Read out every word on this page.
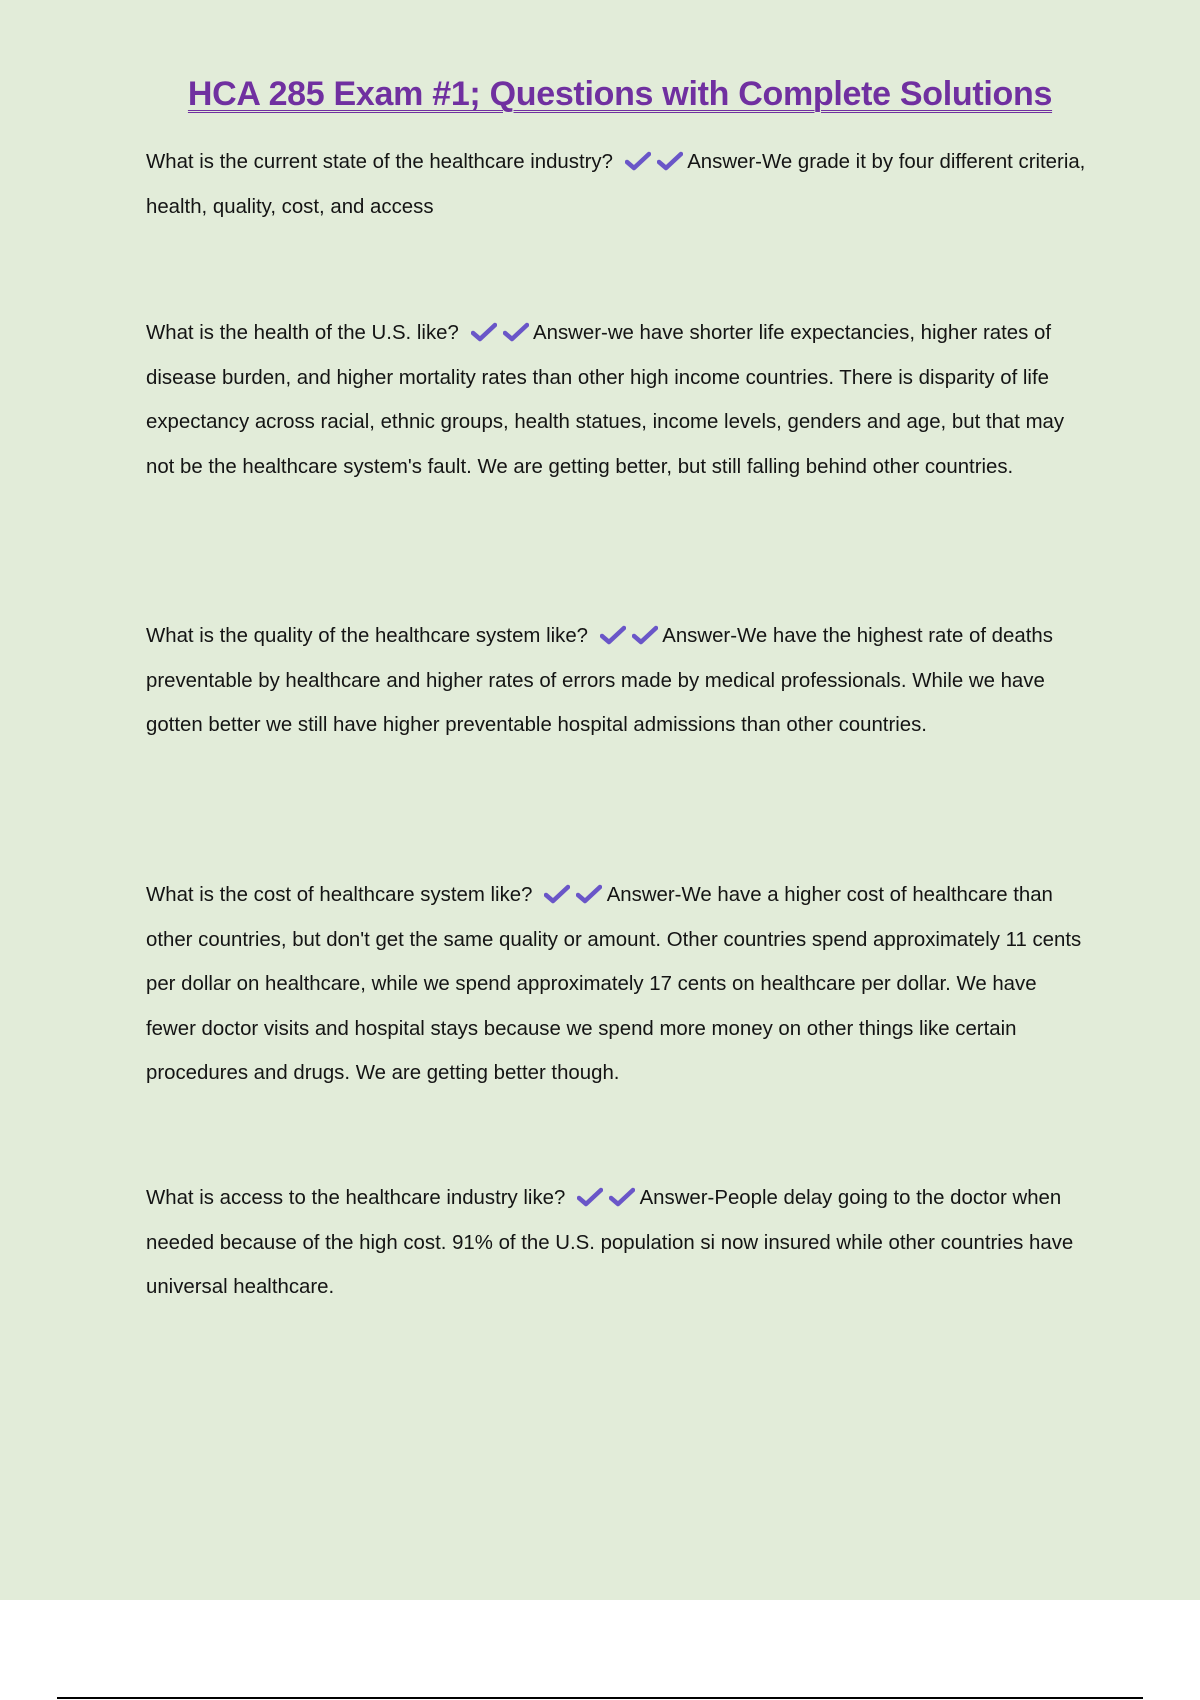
HCA 285 Exam #1; Questions with Complete Solutions

What is the current state of the healthcare industry?	Answer-We grade it by four different criteria, health, quality, cost, and access

What is the health of the U.S. like?	Answer-we have shorter life expectancies, higher rates of disease burden, and higher mortality rates than other high income countries. There is disparity of life expectancy across racial, ethnic groups, health statues, income levels, genders and age, but that may not be the healthcare system's fault. We are getting better, but still falling behind other countries.

What is the quality of the healthcare system like?	Answer-We have the highest rate of deaths preventable by healthcare and higher rates of errors made by medical professionals. While we have gotten better we still have higher preventable hospital admissions than other countries.

What is the cost of healthcare system like?	Answer-We have a higher cost of healthcare than other countries, but don't get the same quality or amount. Other countries spend approximately 11 cents per dollar on healthcare, while we spend approximately 17 cents on healthcare per dollar. We have fewer doctor visits and hospital stays because we spend more money on other things like certain procedures and drugs. We are getting better though.

What is access to the healthcare industry like?	Answer-People delay going to the doctor when needed because of the high cost. 91% of the U.S. population si now insured while other countries have universal healthcare.
